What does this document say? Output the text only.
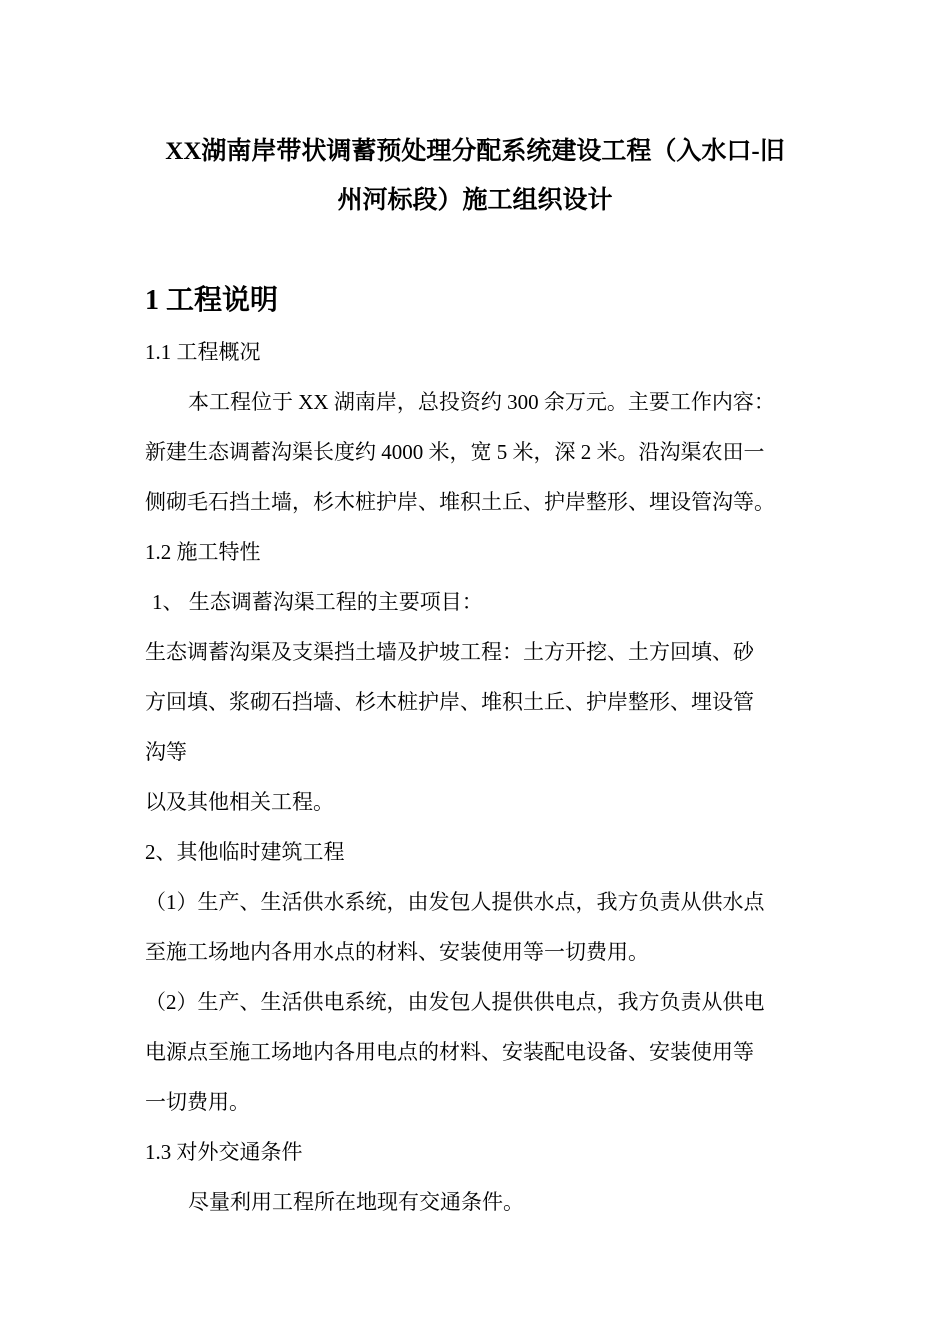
XX湖南岸带状调蓄预处理分配系统建设工程（入水口-旧
州河标段）施工组织设计
1 工程说明
1.1 工程概况
本工程位于 XX 湖南岸，总投资约 300 余万元。主要工作内容：
新建生态调蓄沟渠长度约 4000 米，宽 5 米，深 2 米。沿沟渠农田一
侧砌毛石挡土墙，杉木桩护岸、堆积土丘、护岸整形、埋设管沟等。
1.2 施工特性
1、 生态调蓄沟渠工程的主要项目：
生态调蓄沟渠及支渠挡土墙及护坡工程：土方开挖、土方回填、砂
方回填、浆砌石挡墙、杉木桩护岸、堆积土丘、护岸整形、埋设管
沟等
以及其他相关工程。
2、其他临时建筑工程
（1）生产、生活供水系统，由发包人提供水点，我方负责从供水点
至施工场地内各用水点的材料、安装使用等一切费用。
（2）生产、生活供电系统，由发包人提供供电点，我方负责从供电
电源点至施工场地内各用电点的材料、安装配电设备、安装使用等
一切费用。
1.3 对外交通条件
尽量利用工程所在地现有交通条件。
